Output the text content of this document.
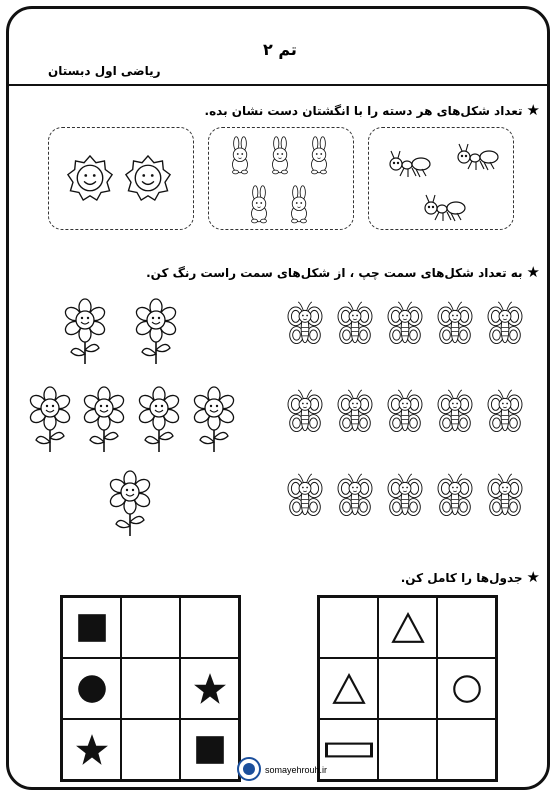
تم ۲
ریاضی اول دبستان
★تعداد شکل‌های هر دسته را با انگشتان دست نشان بده.
★به تعداد شکل‌های سمت چپ ، از شکل‌های سمت راست رنگ کن.
★جدول‌ها را کامل کن.
somayehrouh.ir
